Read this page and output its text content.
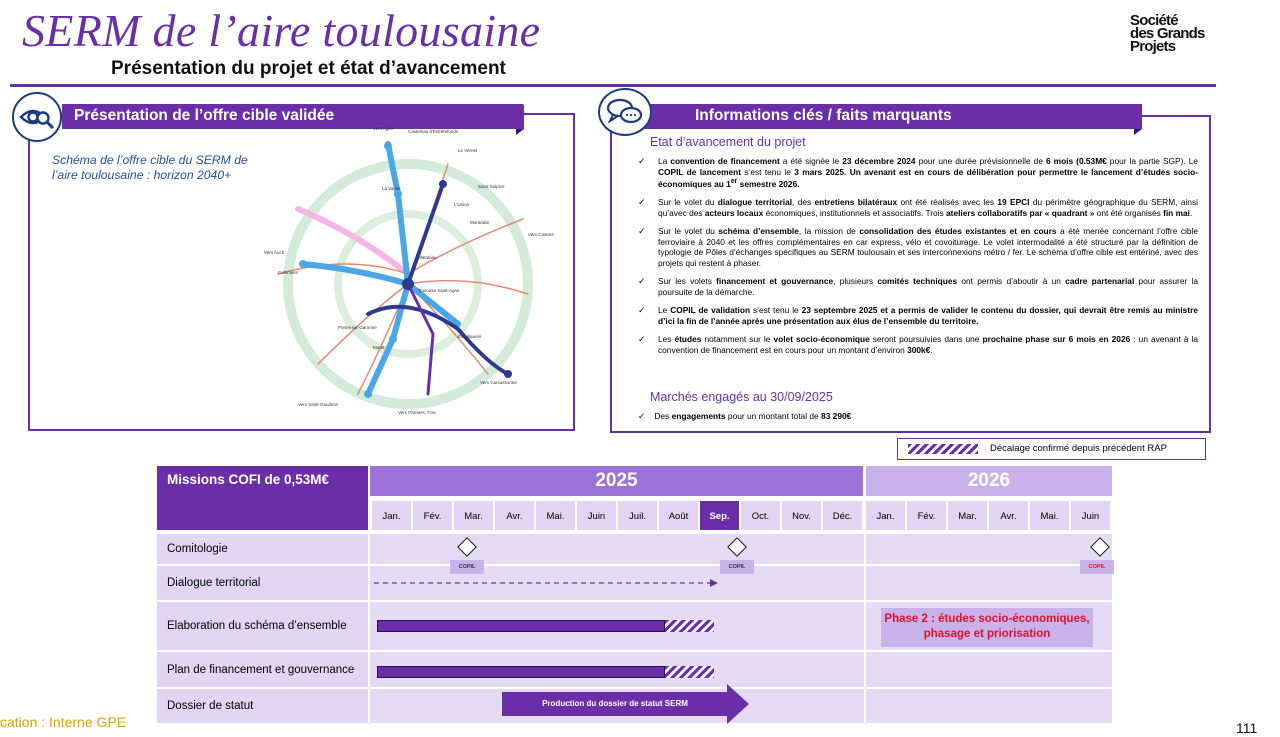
SERM de l’aire toulousaine
Présentation du projet et état d’avancement
Société
des Grands
Projets
Présentation de l’offre cible validée
Schéma de l’offre cible du SERM de l’aire toulousaine : horizon 2040+
Castelnau d'Estrétefonds
Le Vernet
La Vache
Matabiau
Toulouse Saint-Agne
Colomiers
Muret
Portet-sur-Garonne
Escalquens
L'Union
Montrabé
Saint-Sulpice
Vers Auch
Vers Agen
Vers Castres
Vers Pamiers, Foix
Vers Carcassonne
Vers Saint-Gaudens
Informations clés / faits marquants
Etat d’avancement du projet
✓ La convention de financement a été signée le 23 décembre 2024 pour une durée prévisionnelle de 6 mois (0.53M€ pour la partie SGP). Le COPIL de lancement s’est tenu le 3 mars 2025. Un avenant est en cours de délibération pour permettre le lancement d’études socio-économiques au 1er semestre 2026.
✓ Sur le volet du dialogue territorial, des entretiens bilatéraux ont été réalisés avec les 19 EPCI du périmètre géographique du SERM, ainsi qu’avec des acteurs locaux économiques, institutionnels et associatifs. Trois ateliers collaboratifs par « quadrant » ont été organisés fin mai.
✓ Sur le volet du schéma d’ensemble, la mission de consolidation des études existantes et en cours a été menée concernant l’offre cible ferroviaire à 2040 et les offres complémentaires en car express, vélo et covoiturage. Le volet intermodalité a été structuré par la définition de typologie de Pôles d’échanges spécifiques au SERM toulousain et ses interconnexions métro / fer. Le schéma d’offre cible est entériné, avec des projets qui restent à phaser.
✓ Sur les volets financement et gouvernance, plusieurs comités techniques ont permis d’aboutir à un cadre partenarial pour assurer la poursuite de la démarche.
✓ Le COPIL de validation s’est tenu le 23 septembre 2025 et a permis de valider le contenu du dossier, qui devrait être remis au ministre d’ici la fin de l’année après une présentation aux élus de l’ensemble du territoire.
✓ Les études notamment sur le volet socio-économique seront poursuivies dans une prochaine phase sur 6 mois en 2026 : un avenant à la convention de financement est en cours pour un montant d’environ 300k€.
Marchés engagés au 30/09/2025
✓ Des engagements pour un montant total de 83 290€
Décalage confirmé depuis précédent RAP
Missions COFI de 0,53M€	2025	2026
Jan.	Fév.	Mar.	Avr.	Mai.	Juin	Juil.	Août	Sep.	Oct.	Nov.	Déc.	Jan.	Fév.	Mar.	Avr.	Mai.	Juin
Comitologie
Dialogue territorial
Elaboration du schéma d’ensemble
Plan de financement et gouvernance
Dossier de statut
COPIL	COPIL	COPIL
Phase 2 : études socio-économiques, phasage et priorisation
Production du dossier de statut SERM
cation : Interne GPE	111
